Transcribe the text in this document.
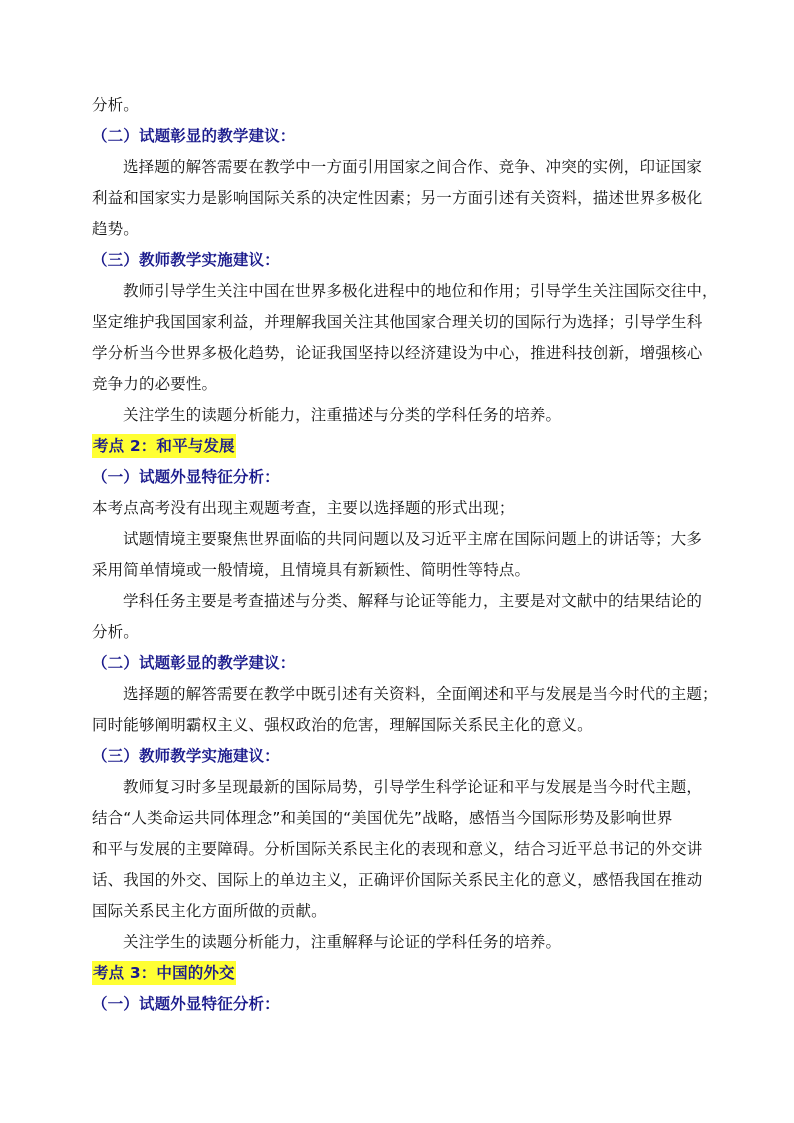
分析。
（二）试题彰显的教学建议：
选择题的解答需要在教学中一方面引用国家之间合作、竞争、冲突的实例，印证国家
利益和国家实力是影响国际关系的决定性因素；另一方面引述有关资料，描述世界多极化
趋势。
（三）教师教学实施建议：
教师引导学生关注中国在世界多极化进程中的地位和作用；引导学生关注国际交往中，
坚定维护我国国家利益，并理解我国关注其他国家合理关切的国际行为选择；引导学生科
学分析当今世界多极化趋势，论证我国坚持以经济建设为中心，推进科技创新，增强核心
竞争力的必要性。
关注学生的读题分析能力，注重描述与分类的学科任务的培养。
考点 2：和平与发展
（一）试题外显特征分析：
本考点高考没有出现主观题考查，主要以选择题的形式出现；
试题情境主要聚焦世界面临的共同问题以及习近平主席在国际问题上的讲话等；大多
采用简单情境或一般情境，且情境具有新颖性、简明性等特点。
学科任务主要是考查描述与分类、解释与论证等能力，主要是对文献中的结果结论的
分析。
（二）试题彰显的教学建议：
选择题的解答需要在教学中既引述有关资料，全面阐述和平与发展是当今时代的主题；
同时能够阐明霸权主义、强权政治的危害，理解国际关系民主化的意义。
（三）教师教学实施建议：
教师复习时多呈现最新的国际局势，引导学生科学论证和平与发展是当今时代主题，
结合“人类命运共同体理念”和美国的“美国优先”战略，感悟当今国际形势及影响世界
和平与发展的主要障碍。分析国际关系民主化的表现和意义，结合习近平总书记的外交讲
话、我国的外交、国际上的单边主义，正确评价国际关系民主化的意义，感悟我国在推动
国际关系民主化方面所做的贡献。
关注学生的读题分析能力，注重解释与论证的学科任务的培养。
考点 3：中国的外交
（一）试题外显特征分析：
